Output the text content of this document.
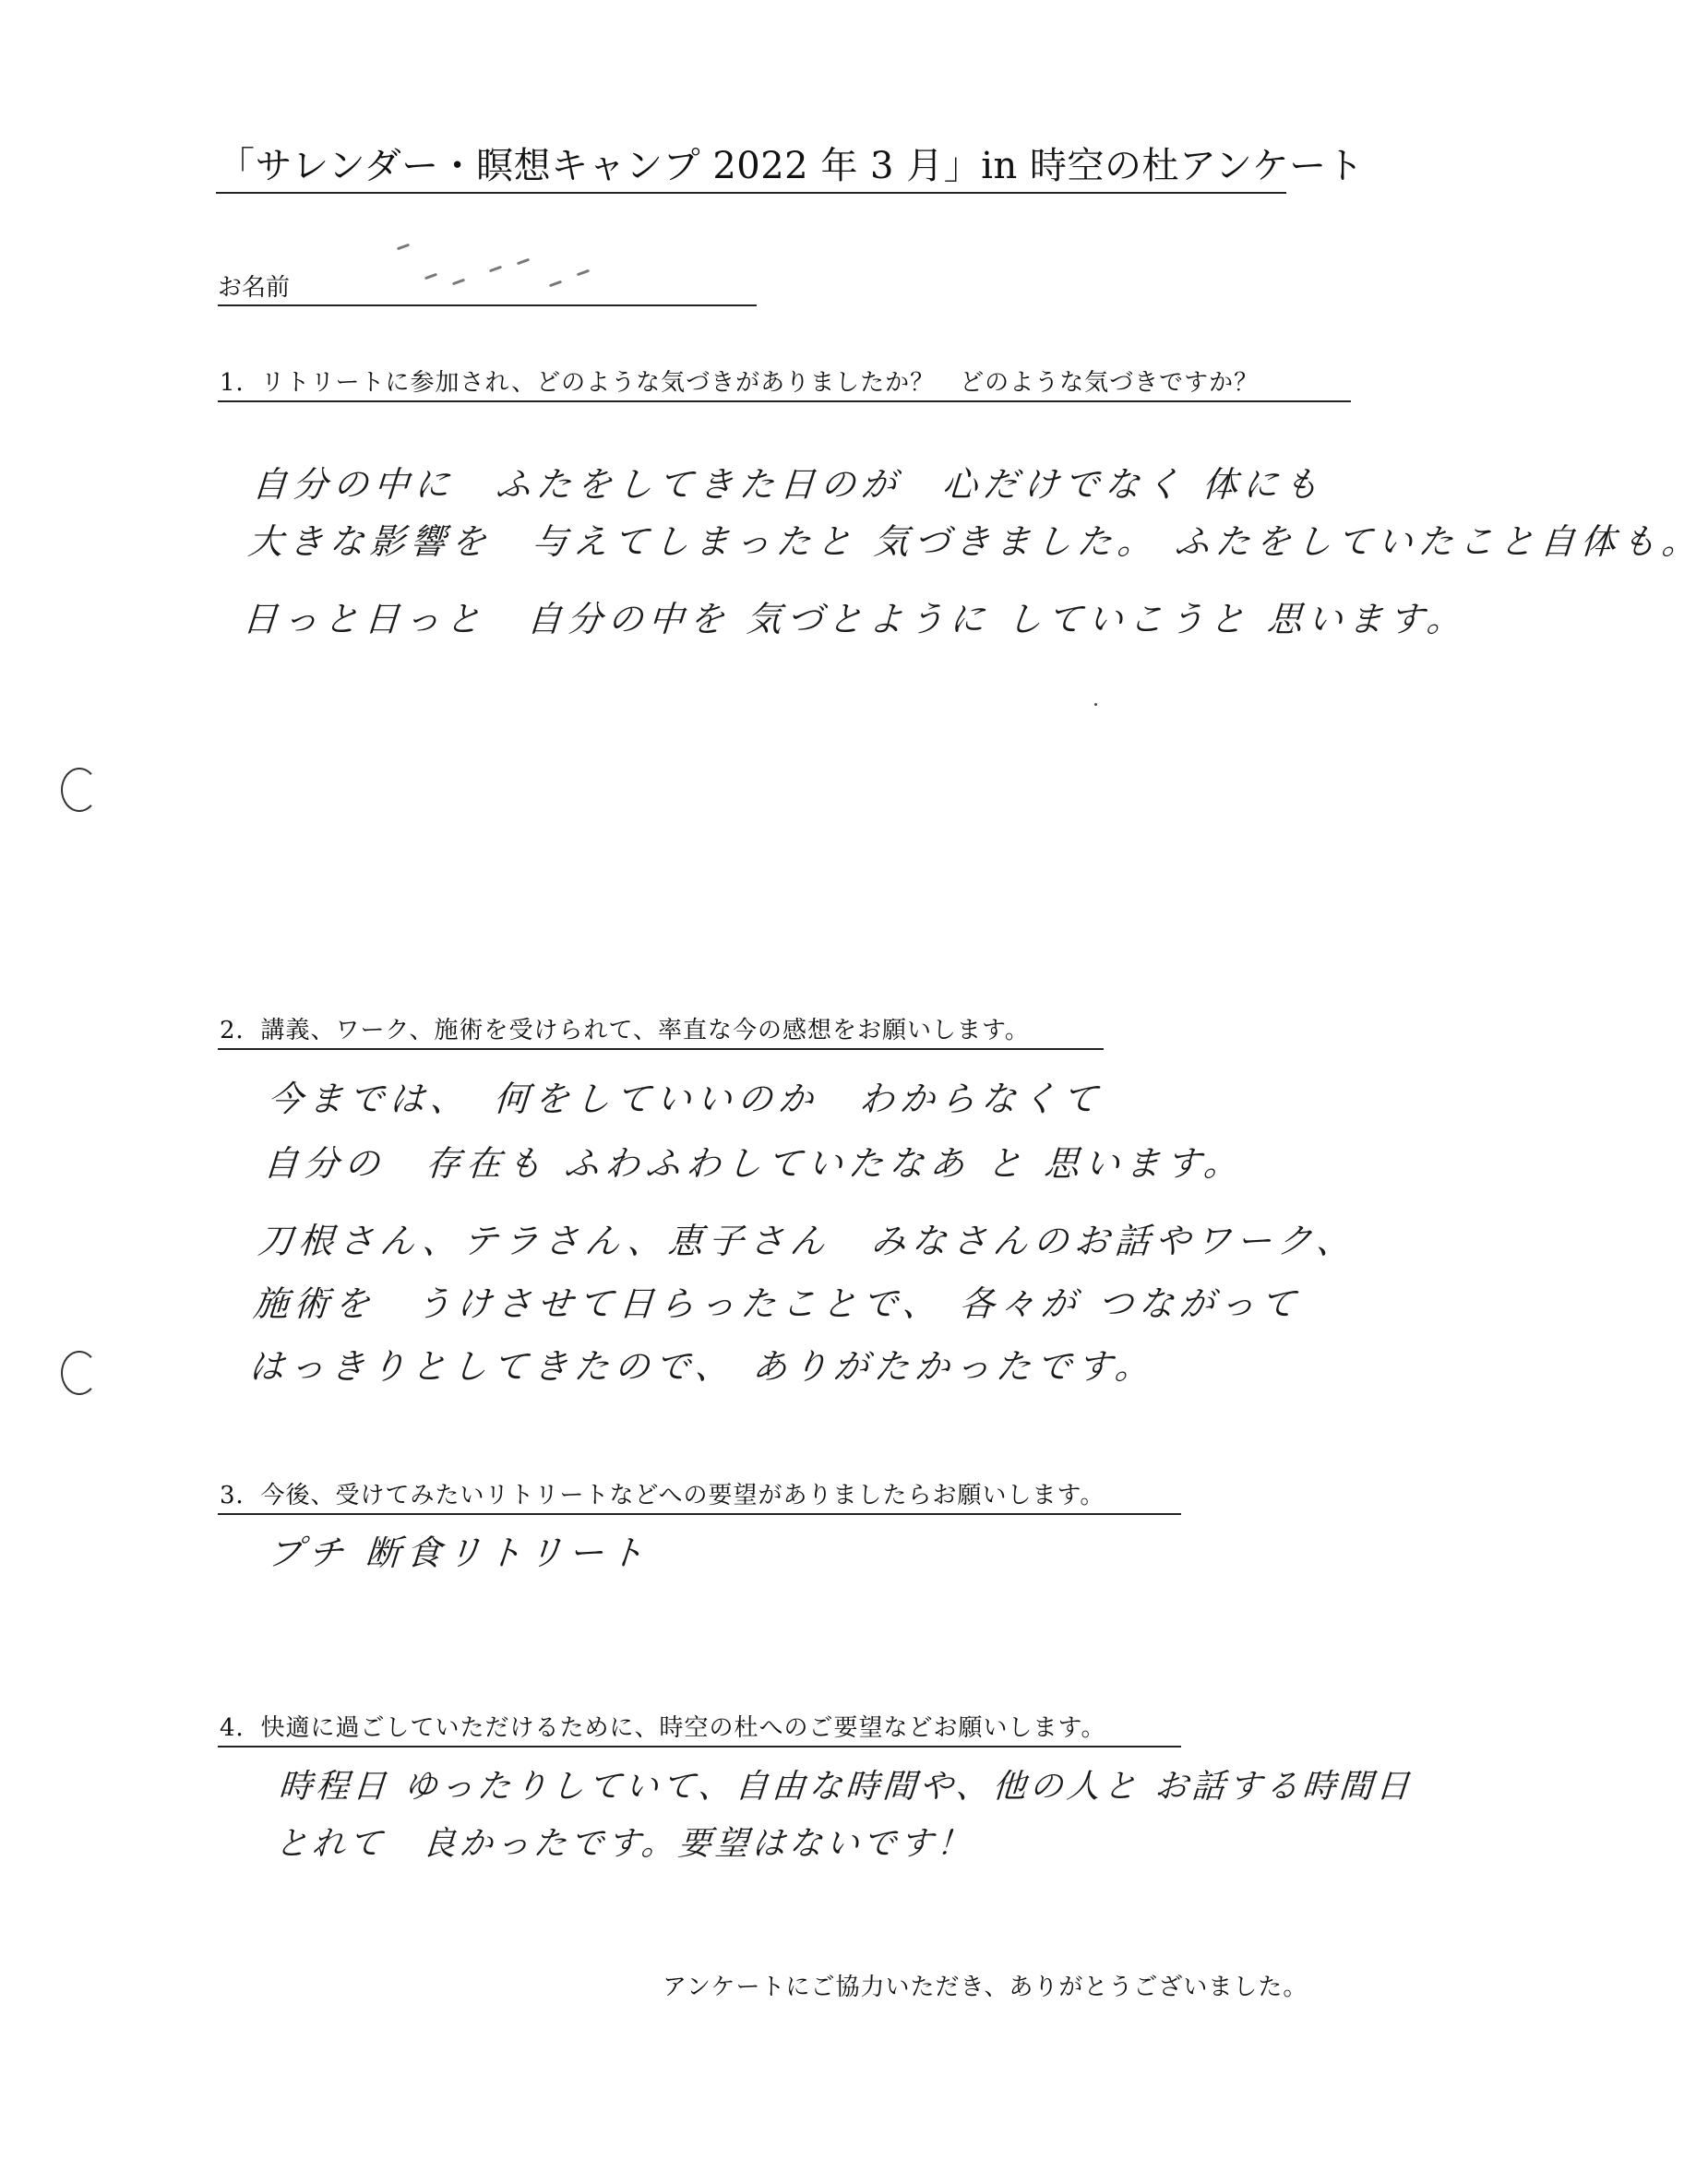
「サレンダー・瞑想キャンプ 2022 年 3 月」in 時空の杜アンケート
お名前
1．リトリートに参加され、どのような気づきがありましたか？　どのような気づきですか？
自分の中に　ふたをしてきた日のが　心だけでなく 体にも
大きな影響を　与えてしまったと 気づきました。 ふたをしていたこと自体も。
日っと日っと　自分の中を 気づとように していこうと 思います。
2．講義、ワーク、施術を受けられて、率直な今の感想をお願いします。
今までは、　何をしていいのか　わからなくて
自分の　存在も ふわふわしていたなあ と 思います。
刀根さん、テラさん、恵子さん　みなさんのお話やワーク、
施術を　うけさせて日らったことで、 各々が つながって
はっきりとしてきたので、 ありがたかったです。
3．今後、受けてみたいリトリートなどへの要望がありましたらお願いします。
プチ 断食リトリート
4．快適に過ごしていただけるために、時空の杜へのご要望などお願いします。
時程日 ゆったりしていて、自由な時間や、他の人と お話する時間日
とれて　良かったです。要望はないです！
アンケートにご協力いただき、ありがとうございました。
